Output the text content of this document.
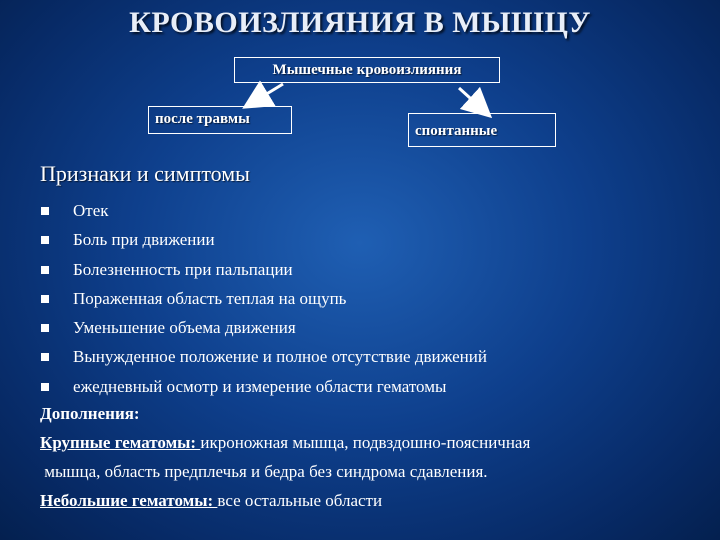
КРОВОИЗЛИЯНИЯ В МЫШЦУ
Мышечные кровоизлияния
после травмы
спонтанные
Признаки и симптомы
Отек
Боль при движении
Болезненность при пальпации
Пораженная область теплая на ощупь
Уменьшение объема движения
Вынужденное положение и полное отсутствие движений
ежедневный осмотр и измерение области гематомы
Дополнения:
Крупные гематомы: икроножная мышца, подвздошно-поясничная
мышца, область предплечья и бедра без синдрома сдавления.
Небольшие гематомы: все остальные области
